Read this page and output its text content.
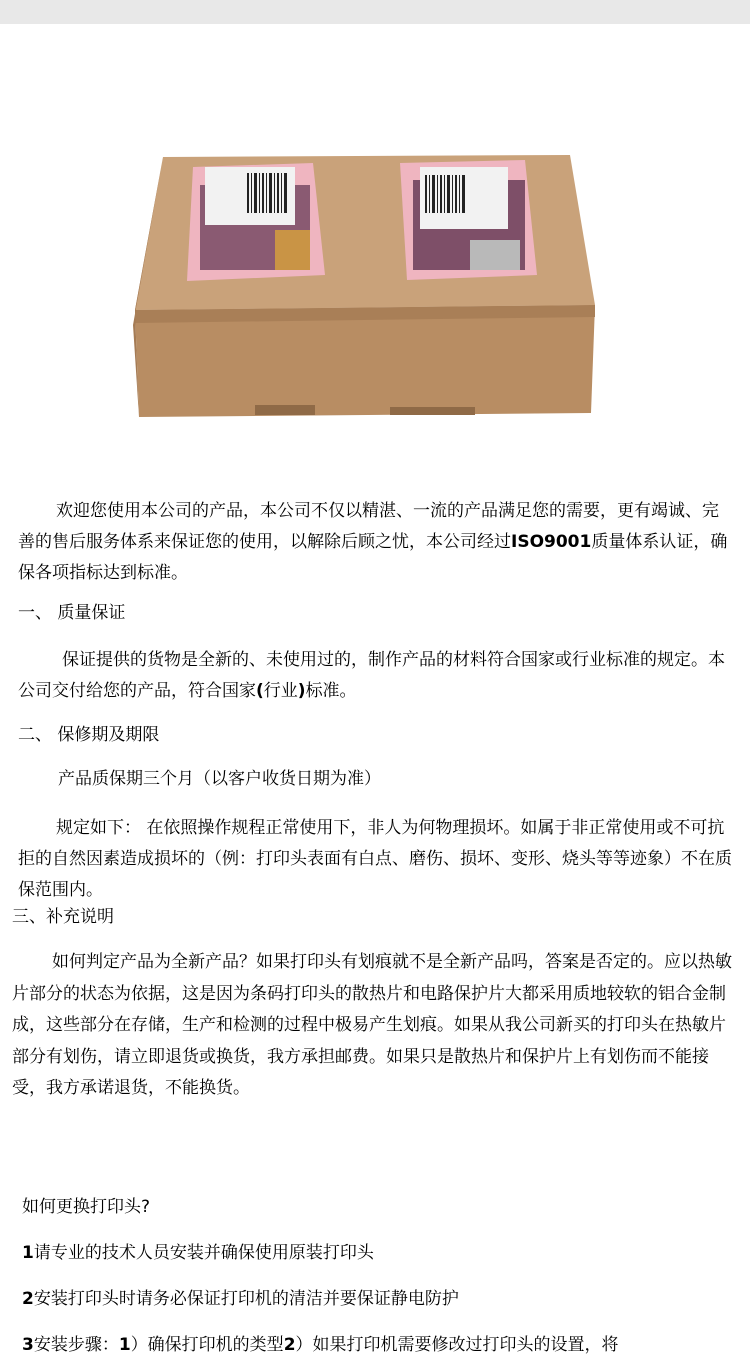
欢迎您使用本公司的产品，本公司不仅以精湛、一流的产品满足您的需要，更有竭诚、完善的售后服务体系来保证您的使用，以解除后顾之忧，本公司经过ISO9001质量体系认证，确保各项指标达到标准。

一、 质量保证

保证提供的货物是全新的、未使用过的，制作产品的材料符合国家或行业标准的规定。本公司交付给您的产品，符合国家(行业)标准。

二、 保修期及期限

产品质保期三个月（以客户收货日期为准）

规定如下： 在依照操作规程正常使用下，非人为何物理损坏。如属于非正常使用或不可抗拒的自然因素造成损坏的（例：打印头表面有白点、磨伤、损坏、变形、烧头等等迹象）不在质保范围内。

三、补充说明

如何判定产品为全新产品？如果打印头有划痕就不是全新产品吗，答案是否定的。应以热敏片部分的状态为依据，这是因为条码打印头的散热片和电路保护片大都采用质地较软的铝合金制成，这些部分在存储，生产和检测的过程中极易产生划痕。如果从我公司新买的打印头在热敏片部分有划伤，请立即退货或换货，我方承担邮费。如果只是散热片和保护片上有划伤而不能接受，我方承诺退货，不能换货。

如何更换打印头?

1请专业的技术人员安装并确保使用原装打印头

2安装打印头时请务必保证打印机的清洁并要保证静电防护

3安装步骤：1）确保打印机的类型2）如果打印机需要修改过打印头的设置，将
